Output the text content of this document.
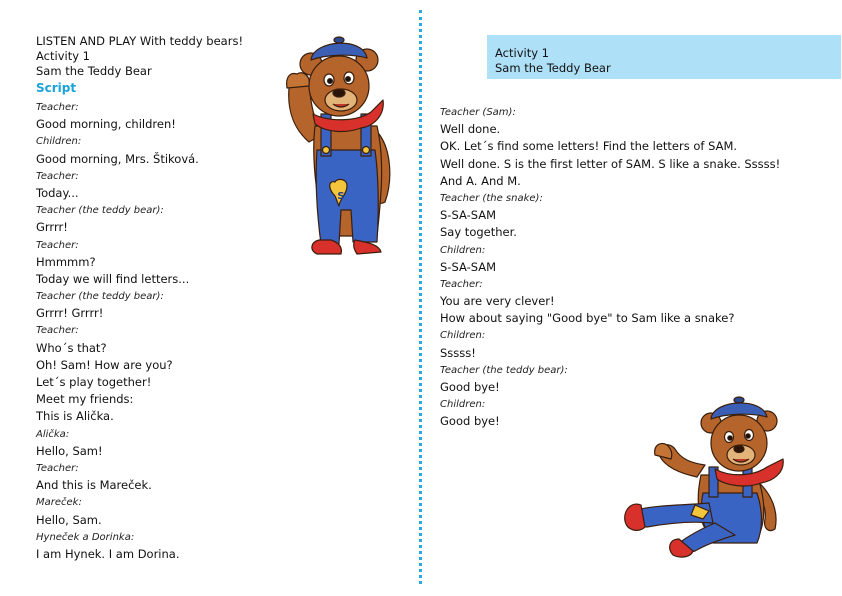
LISTEN AND PLAY With teddy bears!
Activity 1
Sam the Teddy Bear
Script
Teacher:
Good morning, children!
Children:
Good morning, Mrs. Štiková.
Teacher:
Today...
Teacher (the teddy bear):
Grrrr!
Teacher:
Hmmmm?
Today we will find letters...
Teacher (the teddy bear):
Grrrr! Grrrr!
Teacher:
Who´s that?
Oh! Sam! How are you?
Let´s play together!
Meet my friends:
This is Alička.
Alička:
Hello, Sam!
Teacher:
And this is Mareček.
Mareček:
Hello, Sam.
Hyneček a Dorinka:
I am Hynek. I am Dorina.
S
Activity 1
Sam the Teddy Bear
Teacher (Sam):
Well done.
OK. Let´s find some letters! Find the letters of SAM.
Well done. S is the first letter of SAM. S like a snake. Sssss!
And A. And M.
Teacher (the snake):
S-SA-SAM
Say together.
Children:
S-SA-SAM
Teacher:
You are very clever!
How about saying "Good bye" to Sam like a snake?
Children:
Sssss!
Teacher (the teddy bear):
Good bye!
Children:
Good bye!
